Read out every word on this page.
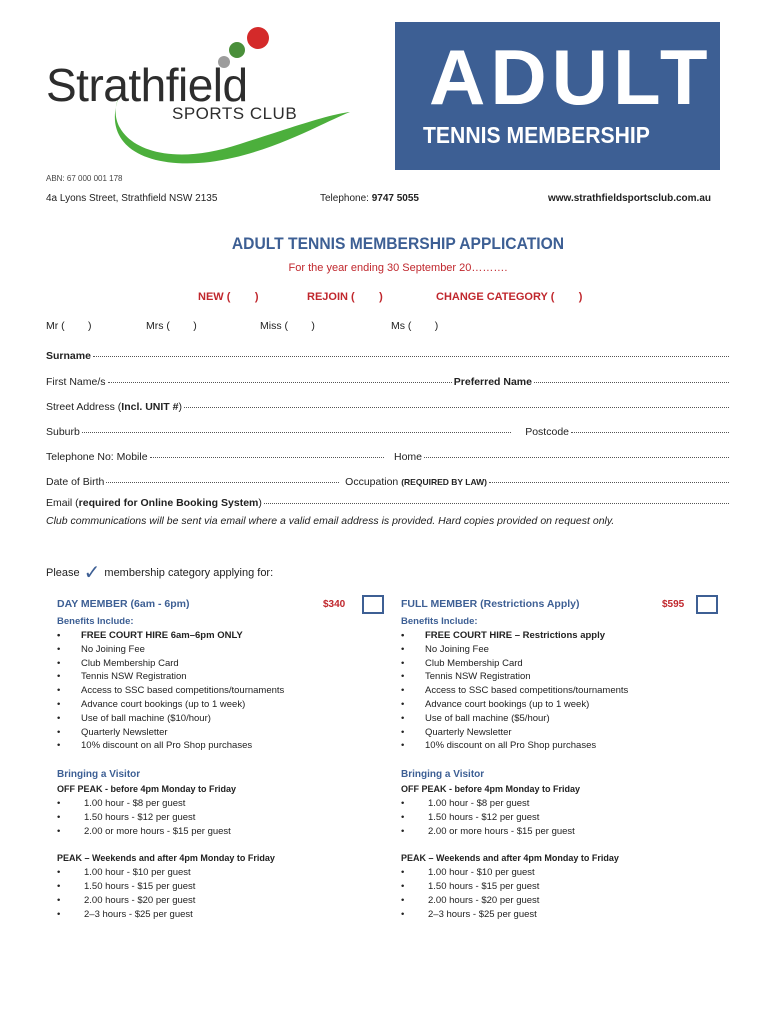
Strathfield
SPORTS CLUB ADULT
TENNIS MEMBERSHIP
ABN: 67 000 001 178
4a Lyons Street, Strathfield NSW 2135	Telephone: 9747 5055	www.strathfieldsportsclub.com.au
ADULT TENNIS MEMBERSHIP APPLICATION
For the year ending 30 September 20……….
NEW (        )	REJOIN (        )	CHANGE CATEGORY (        )
Mr (        )	Mrs (        )	Miss (        )	Ms (        )
Surname
First Name/s	Preferred Name
Street Address (Incl. UNIT #)
Suburb	Postcode
Telephone No: Mobile	Home
Date of Birth	Occupation
(REQUIRED BY LAW)
Email (required for Online Booking System)
Club communications will be sent via email where a valid email address is provided. Hard copies provided on request only.
Please ✓ membership category applying for:
DAY MEMBER (6am - 6pm)	$340	FULL MEMBER (Restrictions Apply)	$595
Benefits Include:
• FREE COURT HIRE 6am–6pm ONLY
• No Joining Fee
• Club Membership Card
• Tennis NSW Registration
• Access to SSC based competitions/tournaments
• Advance court bookings (up to 1 week)
• Use of ball machine ($10/hour)
• Quarterly Newsletter
• 10% discount on all Pro Shop purchases
Bringing a Visitor
OFF PEAK - before 4pm Monday to Friday
• 1.00 hour - $8 per guest
• 1.50 hours - $12 per guest
• 2.00 or more hours - $15 per guest
PEAK – Weekends and after 4pm Monday to Friday
• 1.00 hour - $10 per guest
• 1.50 hours - $15 per guest
• 2.00 hours - $20 per guest
• 2–3 hours - $25 per guest
Benefits Include:
• FREE COURT HIRE – Restrictions apply
• No Joining Fee
• Club Membership Card
• Tennis NSW Registration
• Access to SSC based competitions/tournaments
• Advance court bookings (up to 1 week)
• Use of ball machine ($5/hour)
• Quarterly Newsletter
• 10% discount on all Pro Shop purchases
Bringing a Visitor
OFF PEAK - before 4pm Monday to Friday
• 1.00 hour - $8 per guest
• 1.50 hours - $12 per guest
• 2.00 or more hours - $15 per guest
PEAK – Weekends and after 4pm Monday to Friday
• 1.00 hour - $10 per guest
• 1.50 hours - $15 per guest
• 2.00 hours - $20 per guest
• 2–3 hours - $25 per guest
